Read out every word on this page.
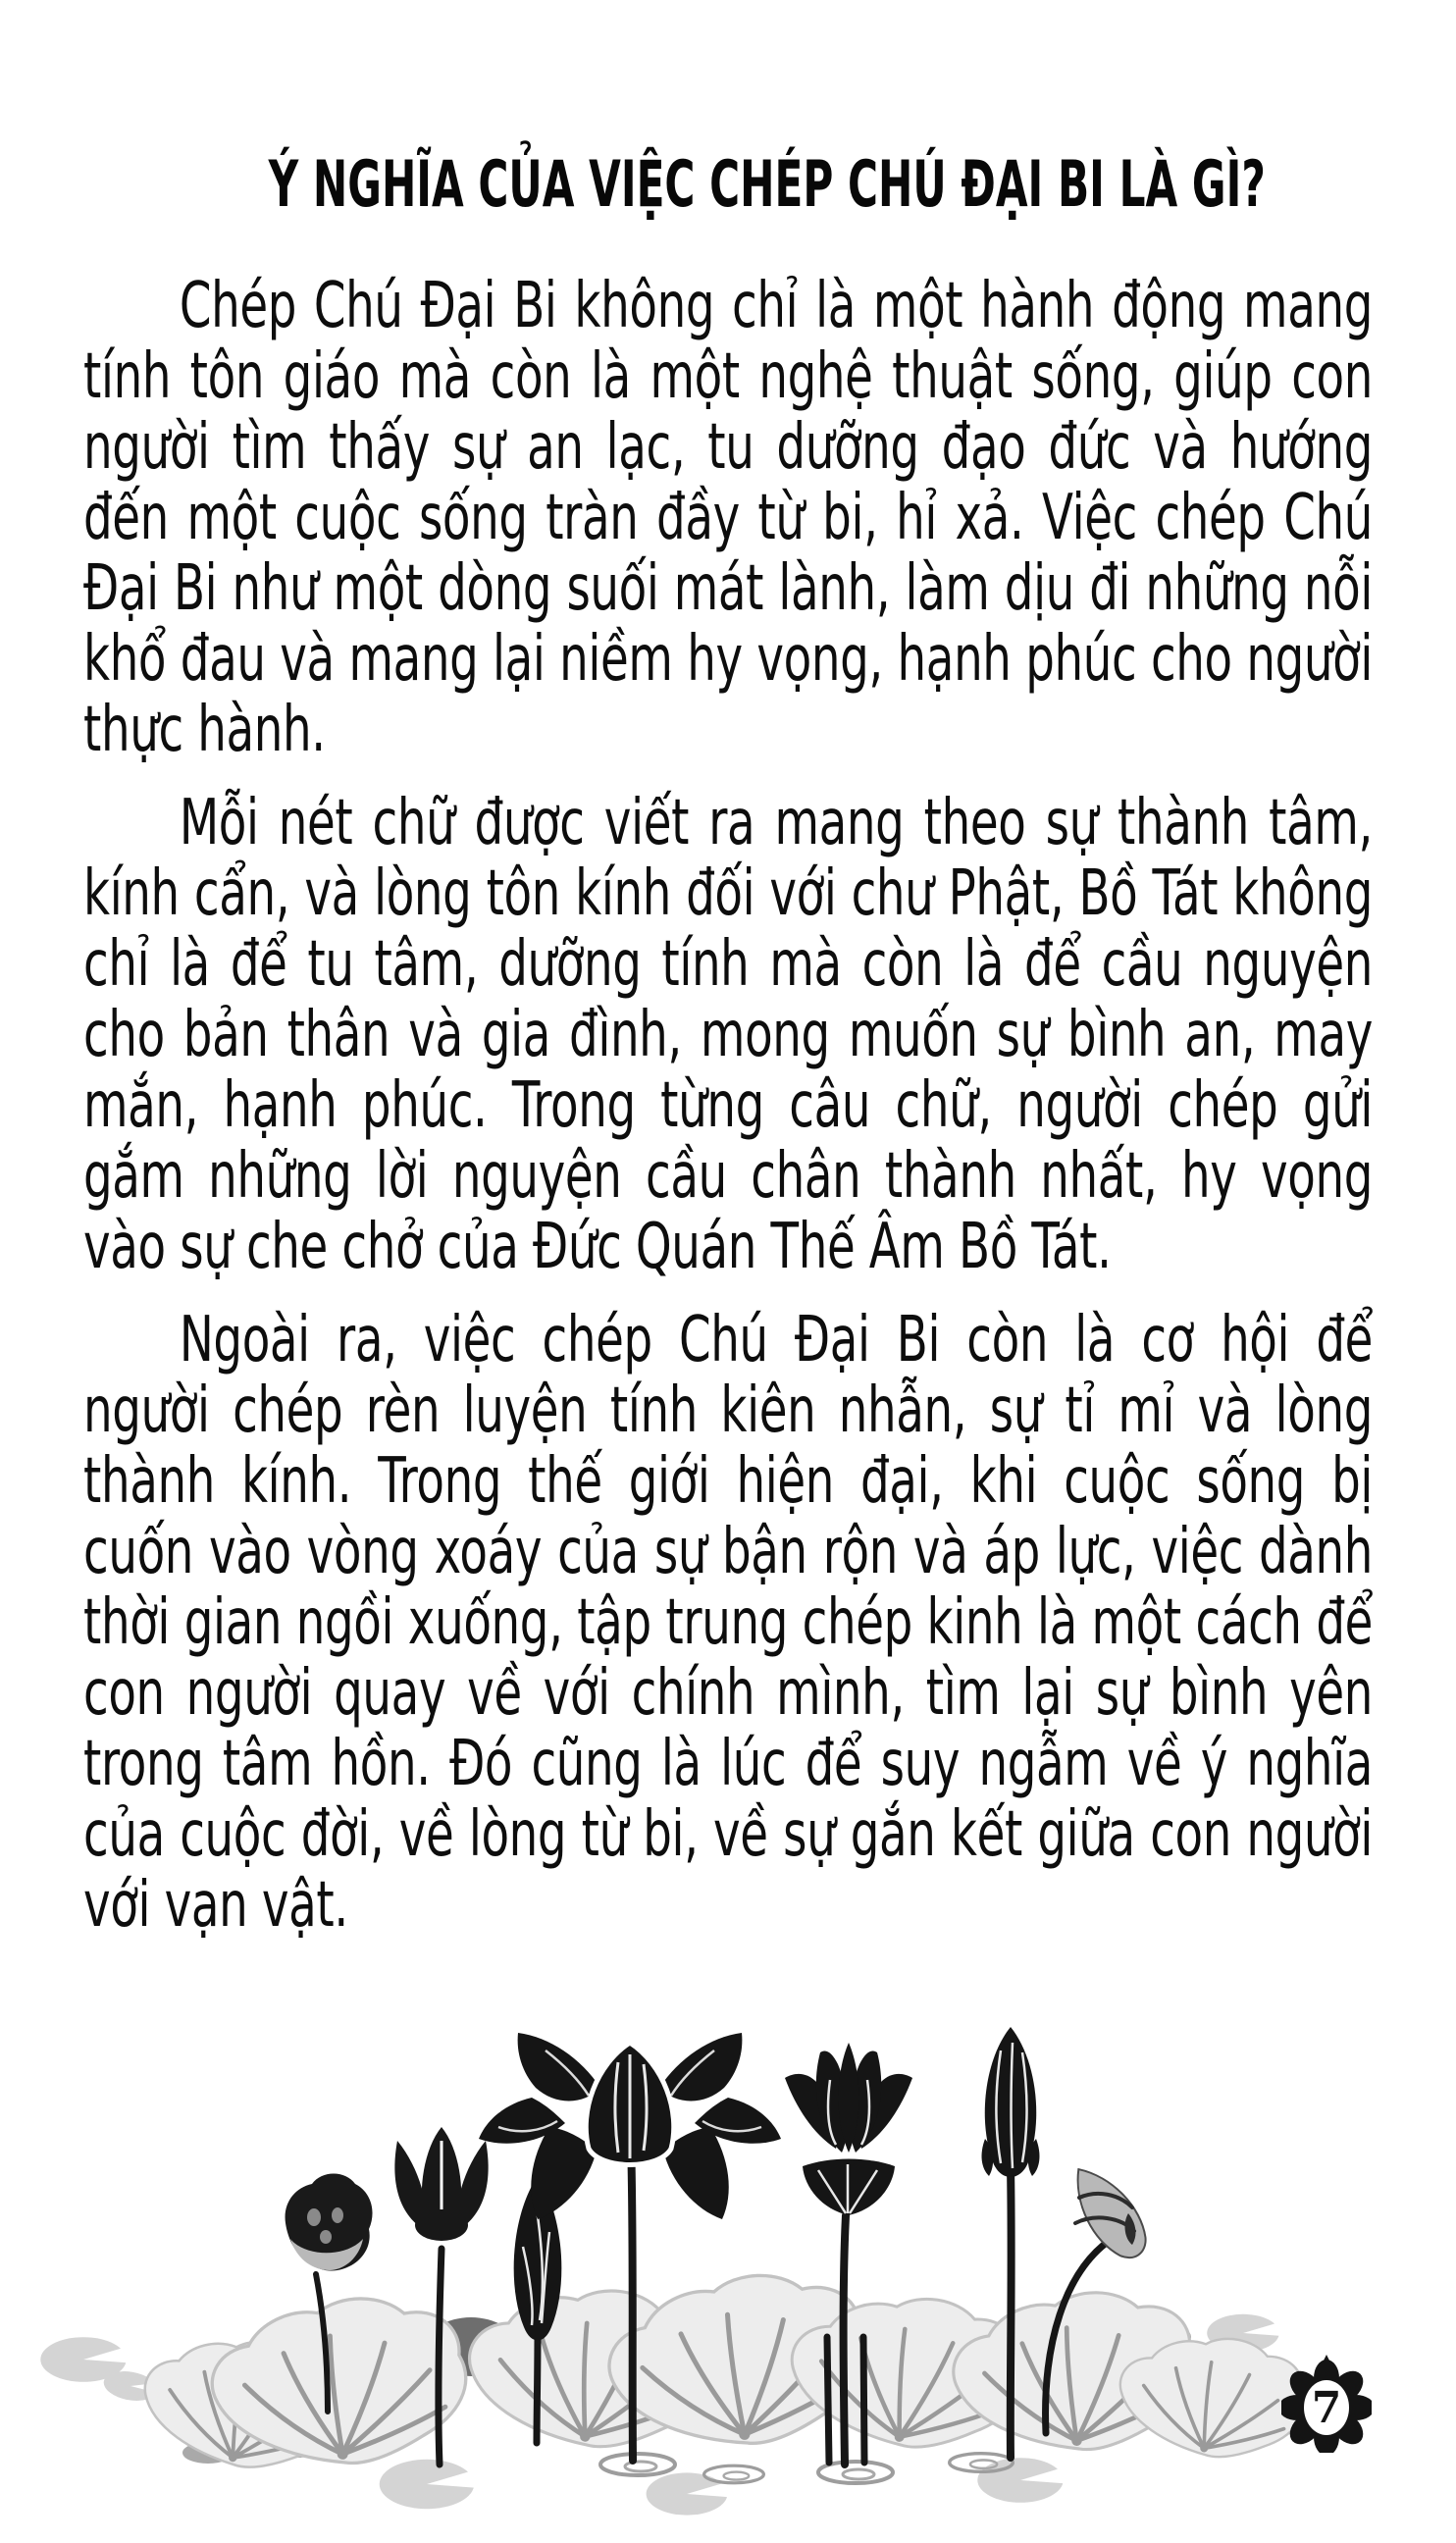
Ý NGHĨA CỦA VIỆC CHÉP CHÚ ĐẠI BI LÀ GÌ?

Chép Chú Đại Bi không chỉ là một hành động mang tính tôn giáo mà còn là một nghệ thuật sống, giúp con người tìm thấy sự an lạc, tu dưỡng đạo đức và hướng đến một cuộc sống tràn đầy từ bi, hỉ xả. Việc chép Chú Đại Bi như một dòng suối mát lành, làm dịu đi những nỗi khổ đau và mang lại niềm hy vọng, hạnh phúc cho người thực hành.

Mỗi nét chữ được viết ra mang theo sự thành tâm, kính cẩn, và lòng tôn kính đối với chư Phật, Bồ Tát không chỉ là để tu tâm, dưỡng tính mà còn là để cầu nguyện cho bản thân và gia đình, mong muốn sự bình an, may mắn, hạnh phúc. Trong từng câu chữ, người chép gửi gắm những lời nguyện cầu chân thành nhất, hy vọng vào sự che chở của Đức Quán Thế Âm Bồ Tát.

Ngoài ra, việc chép Chú Đại Bi còn là cơ hội để người chép rèn luyện tính kiên nhẫn, sự tỉ mỉ và lòng thành kính. Trong thế giới hiện đại, khi cuộc sống bị cuốn vào vòng xoáy của sự bận rộn và áp lực, việc dành thời gian ngồi xuống, tập trung chép kinh là một cách để con người quay về với chính mình, tìm lại sự bình yên trong tâm hồn. Đó cũng là lúc để suy ngẫm về ý nghĩa của cuộc đời, về lòng từ bi, về sự gắn kết giữa con người với vạn vật.

7
